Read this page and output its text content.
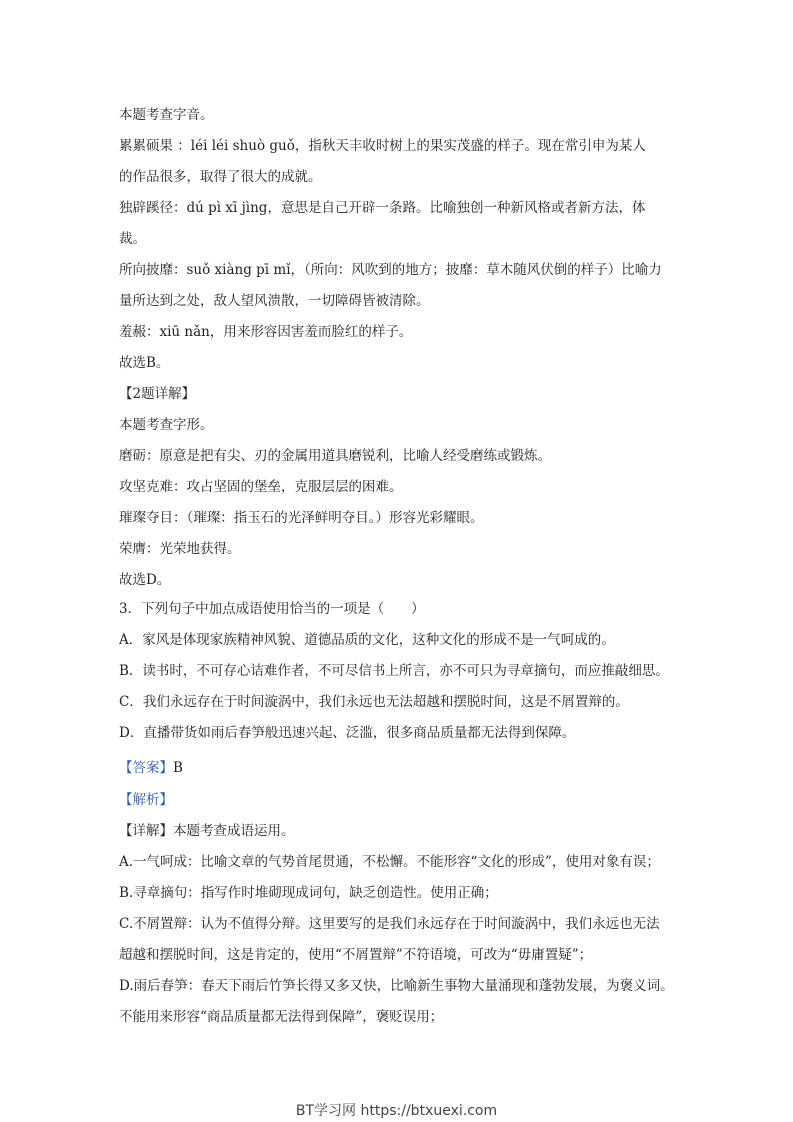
本题考查字音。
累累硕果 ：léi léi shuò guǒ，指秋天丰收时树上的果实茂盛的样子。现在常引申为某人
的作品很多，取得了很大的成就。
独辟蹊径：dú pì xī jìng，意思是自己开辟一条路。比喻独创一种新风格或者新方法，体
裁。
所向披靡：suǒ xiàng pī mǐ，（所向：风吹到的地方；披靡：草木随风伏倒的样子）比喻力
量所达到之处，敌人望风溃散，一切障碍皆被清除。
羞赧：xiū nǎn，用来形容因害羞而脸红的样子。
故选B。
【2题详解】
本题考查字形。
磨砺：原意是把有尖、刃的金属用道具磨锐利，比喻人经受磨练或锻炼。
攻坚克难：攻占坚固的堡垒，克服层层的困难。
璀璨夺目：（璀璨：指玉石的光泽鲜明夺目。）形容光彩耀眼。
荣膺：光荣地获得。
故选D。
3．下列句子中加点成语使用恰当的一项是（　　）
A．家风是体现家族精神风貌、道德品质的文化，这种文化的形成不是一气呵成的。
B．读书时，不可存心诘难作者，不可尽信书上所言，亦不可只为寻章摘句，而应推敲细思。
C．我们永远存在于时间漩涡中，我们永远也无法超越和摆脱时间，这是不屑置辩的。
D．直播带货如雨后春笋般迅速兴起、泛滥，很多商品质量都无法得到保障。
【答案】B
【解析】
【详解】本题考查成语运用。
A.一气呵成：比喻文章的气势首尾贯通，不松懈。不能形容“文化的形成”，使用对象有误；
B.寻章摘句：指写作时堆砌现成词句，缺乏创造性。使用正确；
C.不屑置辩：认为不值得分辩。这里要写的是我们永远存在于时间漩涡中，我们永远也无法
超越和摆脱时间，这是肯定的，使用“不屑置辩”不符语境，可改为“毋庸置疑”；
D.雨后春笋：春天下雨后竹笋长得又多又快，比喻新生事物大量涌现和蓬勃发展，为褒义词。
不能用来形容“商品质量都无法得到保障”，褒贬误用；
BT学习网 https://btxuexi.com
